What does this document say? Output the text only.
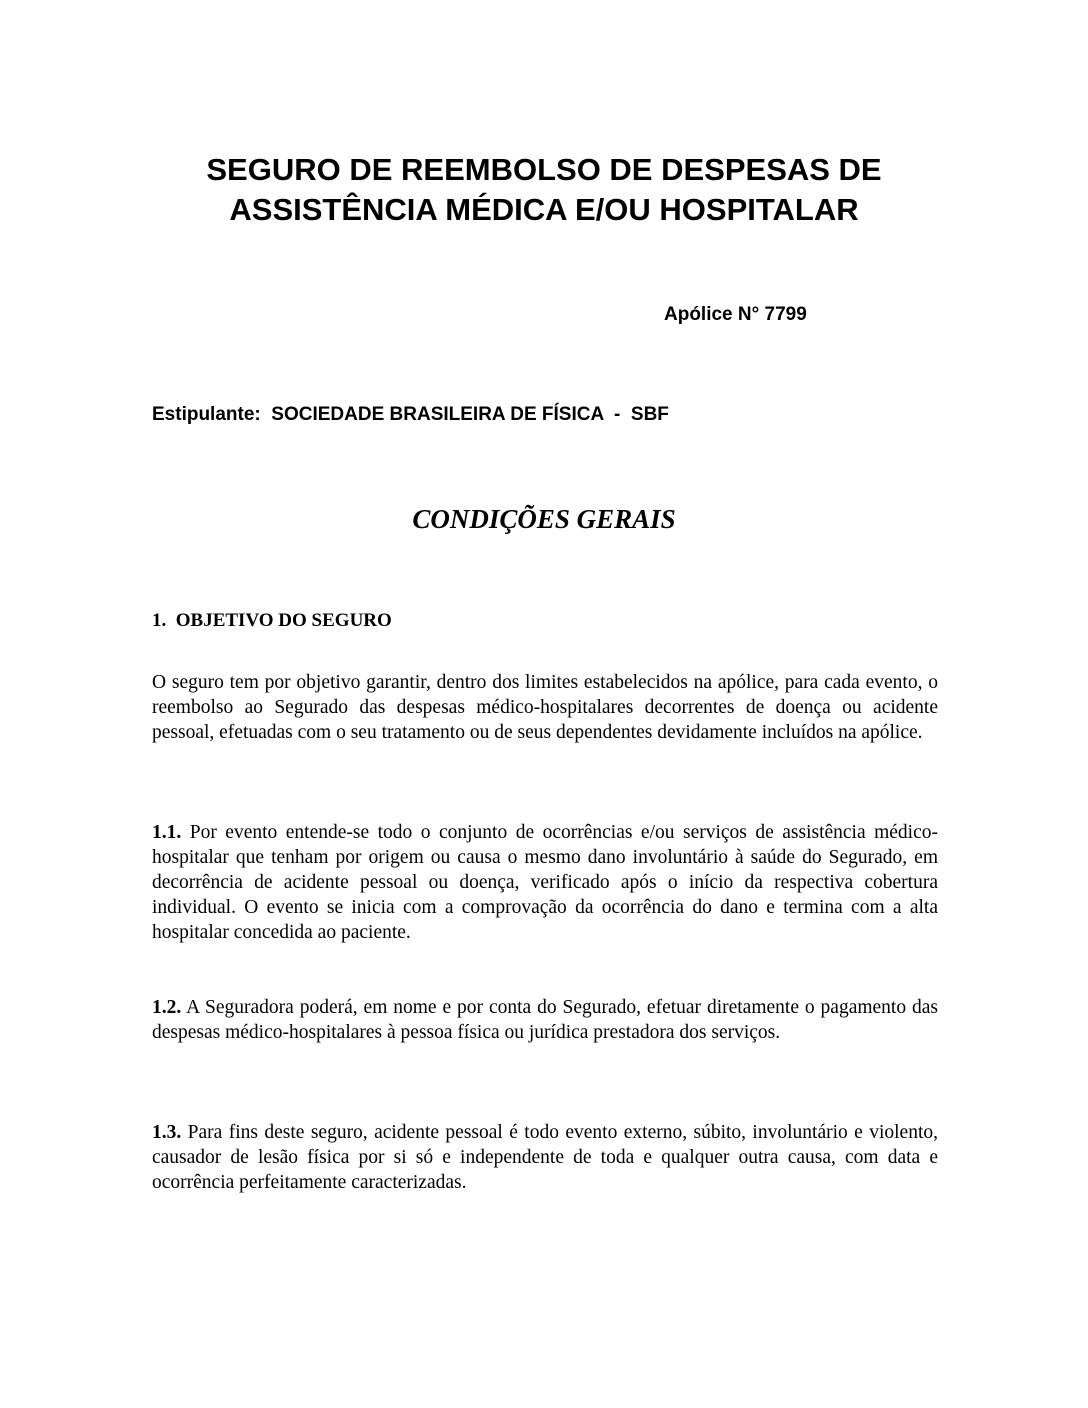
SEGURO DE REEMBOLSO DE DESPESAS DE
ASSISTÊNCIA MÉDICA E/OU HOSPITALAR
Apólice N° 7799
Estipulante:  SOCIEDADE BRASILEIRA DE FÍSICA  -  SBF
CONDIÇÕES GERAIS
1.  OBJETIVO DO SEGURO
O seguro tem por objetivo garantir, dentro dos limites estabelecidos na apólice, para cada evento, o reembolso ao Segurado das despesas médico-hospitalares decorrentes de doença ou acidente pessoal, efetuadas com o seu tratamento ou de seus dependentes devidamente incluídos na apólice.
1.1. Por evento entende-se todo o conjunto de ocorrências e/ou serviços de assistência médico-hospitalar que tenham por origem ou causa o mesmo dano involuntário à saúde do Segurado, em decorrência de acidente pessoal ou doença, verificado após o início da respectiva cobertura individual. O evento se inicia com a comprovação da ocorrência do dano e termina com a alta hospitalar concedida ao paciente.
1.2. A Seguradora poderá, em nome e por conta do Segurado, efetuar diretamente o pagamento das despesas médico-hospitalares à pessoa física ou jurídica prestadora dos serviços.
1.3. Para fins deste seguro, acidente pessoal é todo evento externo, súbito, involuntário e violento, causador de lesão física por si só e independente de toda e qualquer outra causa, com data e ocorrência perfeitamente caracterizadas.
